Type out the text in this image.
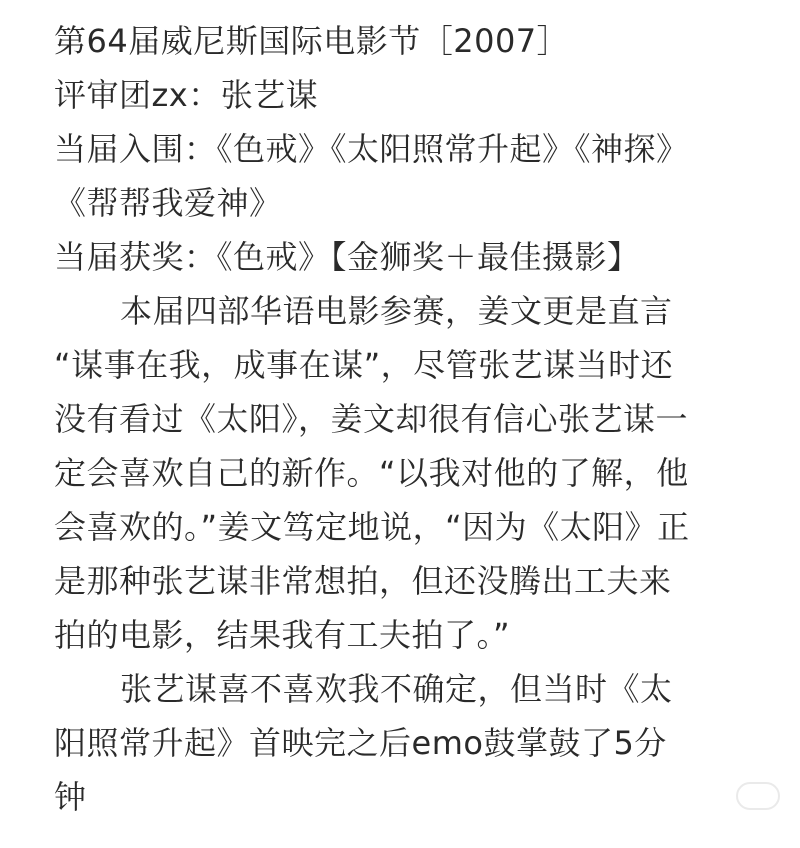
第64届威尼斯国际电影节［2007］
评审团zx：张艺谋
当届入围：《色戒》《太阳照常升起》《神探》
《帮帮我爱神》
当届获奖：《色戒》【金狮奖＋最佳摄影】
本届四部华语电影参赛，姜文更是直言
“谋事在我，成事在谋”，尽管张艺谋当时还
没有看过《太阳》，姜文却很有信心张艺谋一
定会喜欢自己的新作。“以我对他的了解，他
会喜欢的。”姜文笃定地说，“因为《太阳》正
是那种张艺谋非常想拍，但还没腾出工夫来
拍的电影，结果我有工夫拍了。”
张艺谋喜不喜欢我不确定，但当时《太
阳照常升起》首映完之后emo鼓掌鼓了5分
钟
